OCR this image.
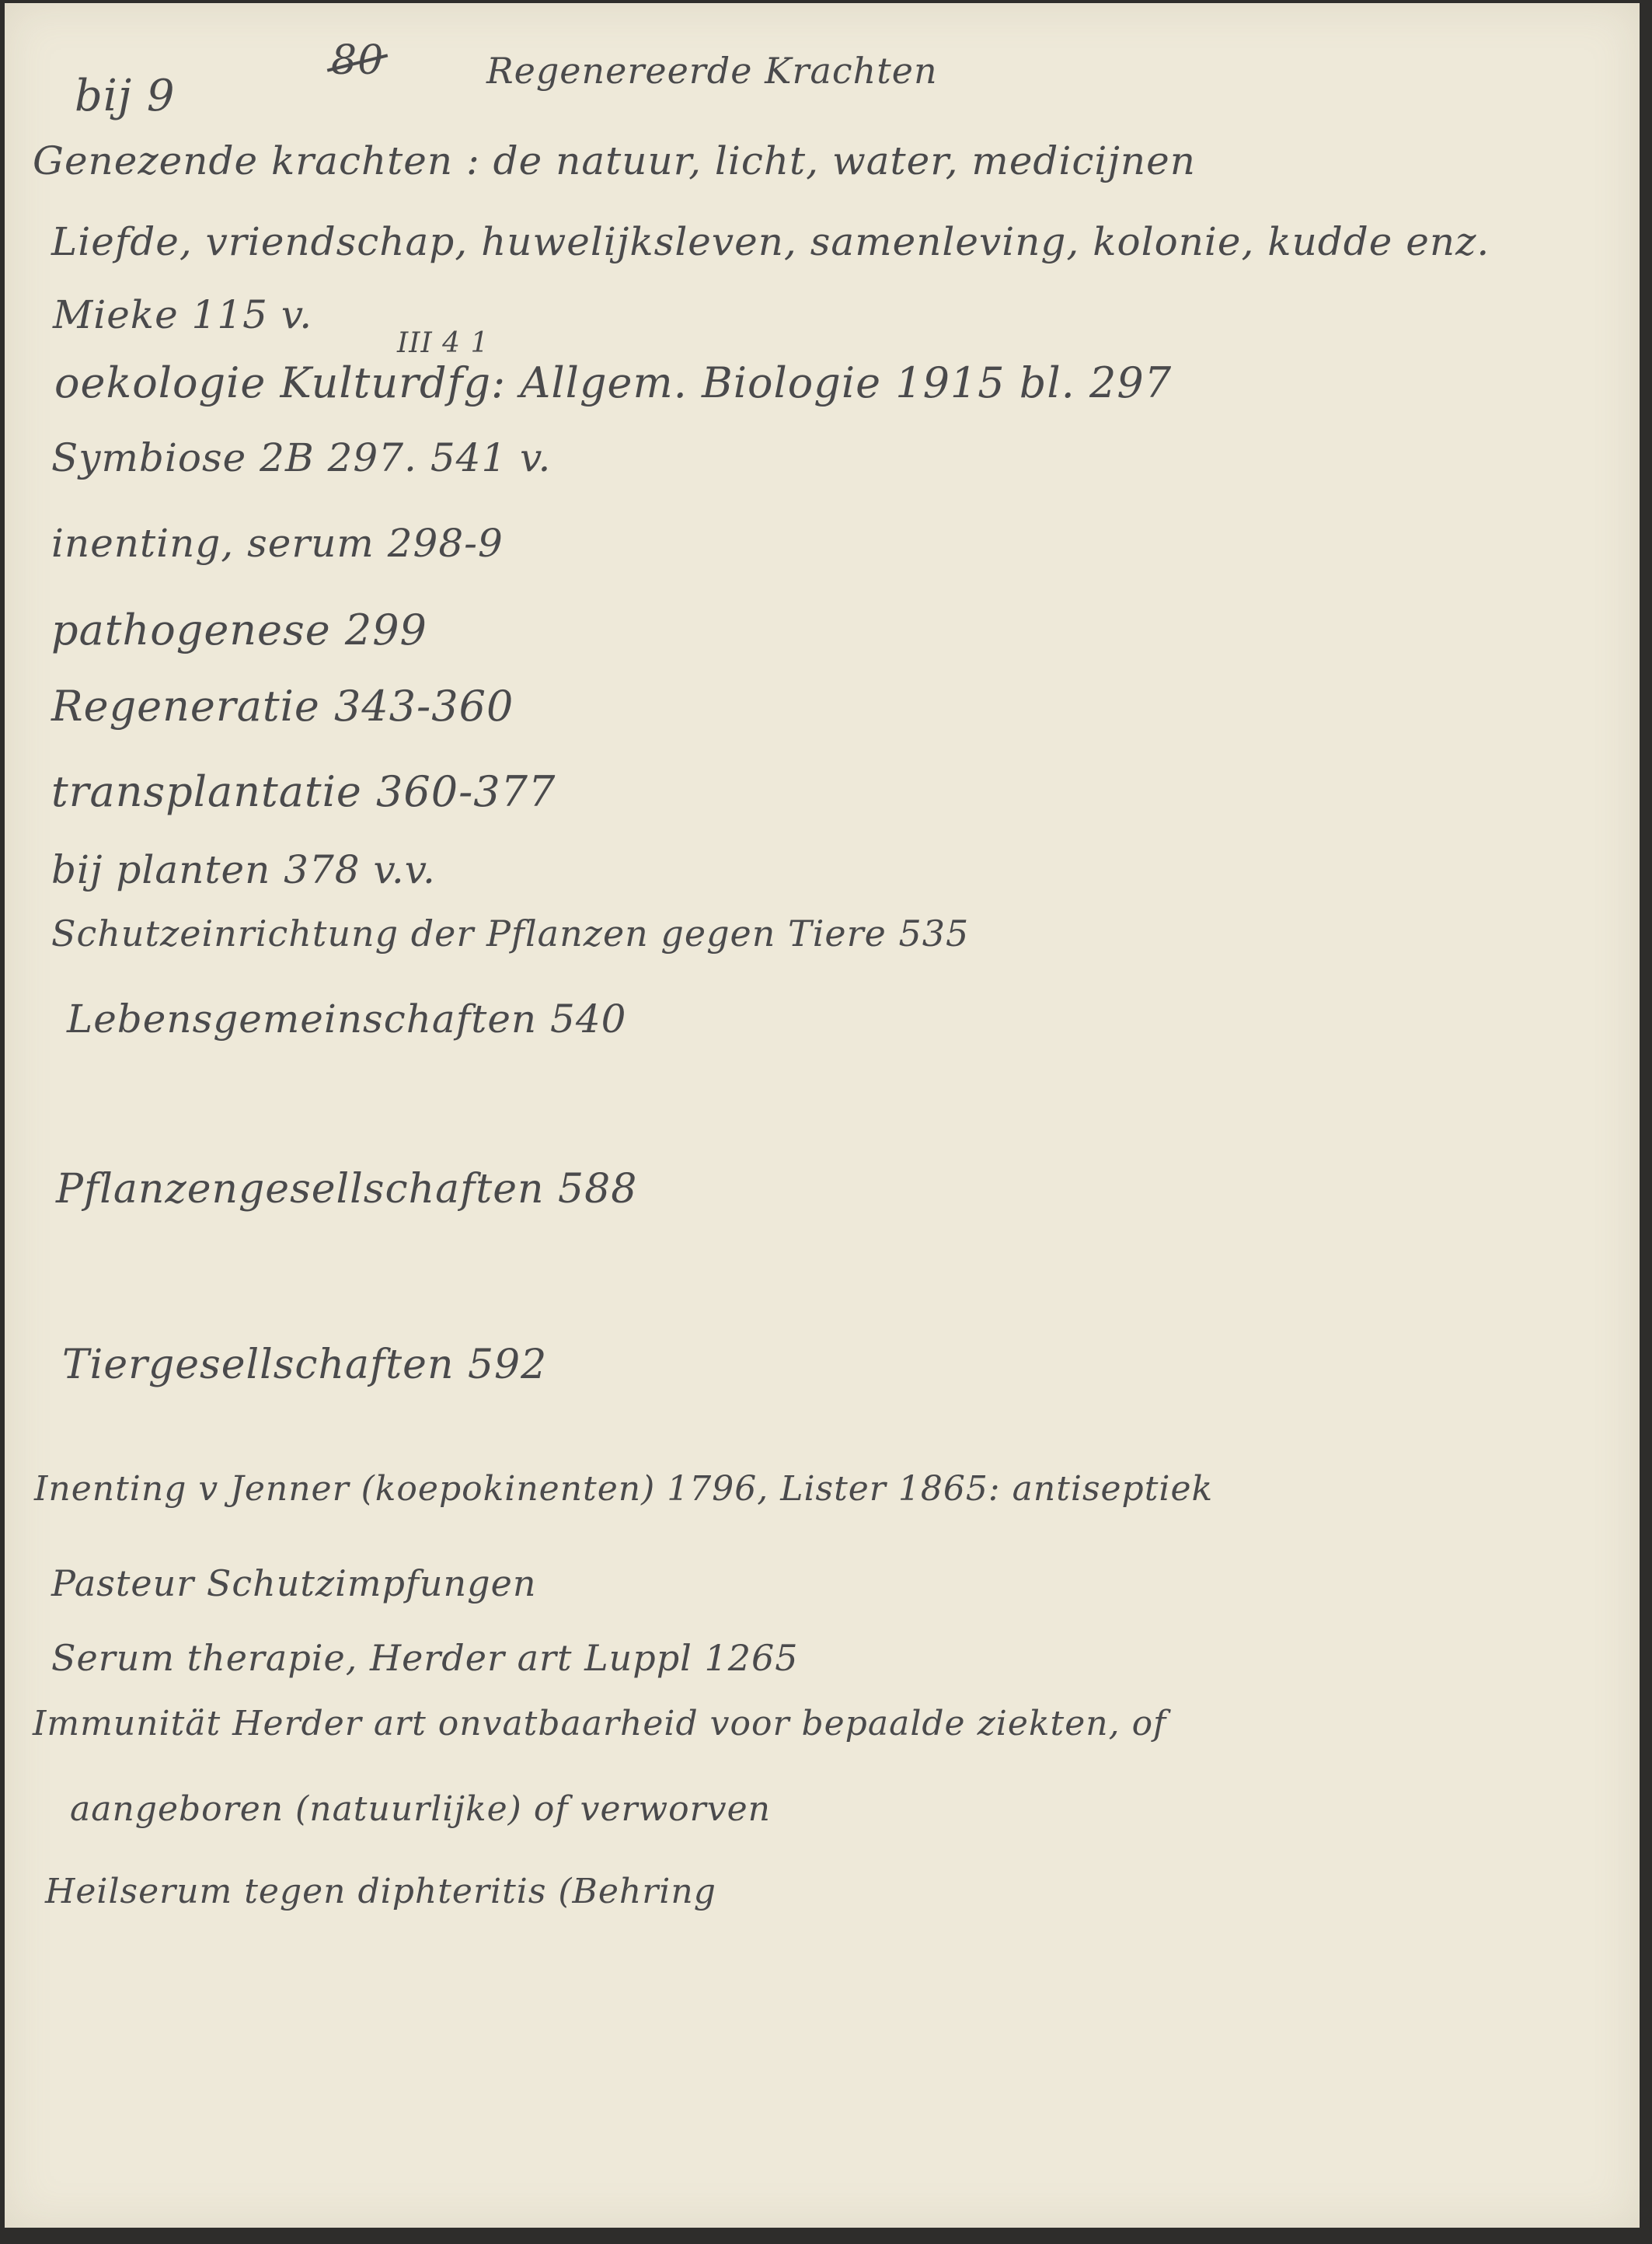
bij 9
80	Regenereerde Krachten
Genezende krachten : de natuur, licht, water, medicijnen
Liefde, vriendschap, huwelijksleven, samenleving, kolonie, kudde enz.
Mieke 115 v.
III 4 1
oekologie Kulturdfg: Allgem. Biologie 1915 bl. 297
Symbiose 2B 297. 541 v.
inenting, serum 298-9
pathogenese 299
Regeneratie 343-360
transplantatie 360-377
bij planten 378 v.v.
Schutzeinrichtung der Pflanzen gegen Tiere 535
Lebensgemeinschaften 540
Pflanzengesellschaften 588
Tiergesellschaften 592
Inenting v Jenner (koepokinenten) 1796, Lister 1865: antiseptiek
Pasteur Schutzimpfungen
Serum therapie, Herder art Luppl 1265
Immunität Herder art onvatbaarheid voor bepaalde ziekten, of
aangeboren (natuurlijke) of verworven
Heilserum tegen diphteritis (Behring
